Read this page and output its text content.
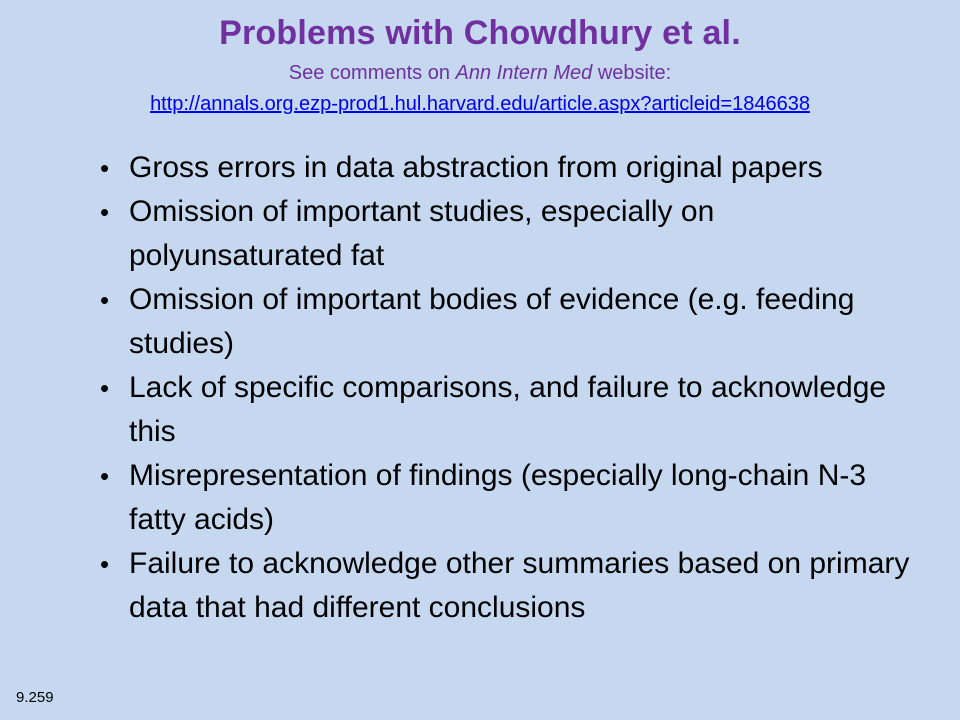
Problems with Chowdhury et al.
See comments on Ann Intern Med website:
http://annals.org.ezp-prod1.hul.harvard.edu/article.aspx?articleid=1846638
• Gross errors in data abstraction from original papers
• Omission of important studies, especially on polyunsaturated fat
• Omission of important bodies of evidence (e.g. feeding studies)
• Lack of specific comparisons, and failure to acknowledge this
• Misrepresentation of findings (especially long-chain N-3 fatty acids)
• Failure to acknowledge other summaries based on primary data that had different conclusions
9.259
